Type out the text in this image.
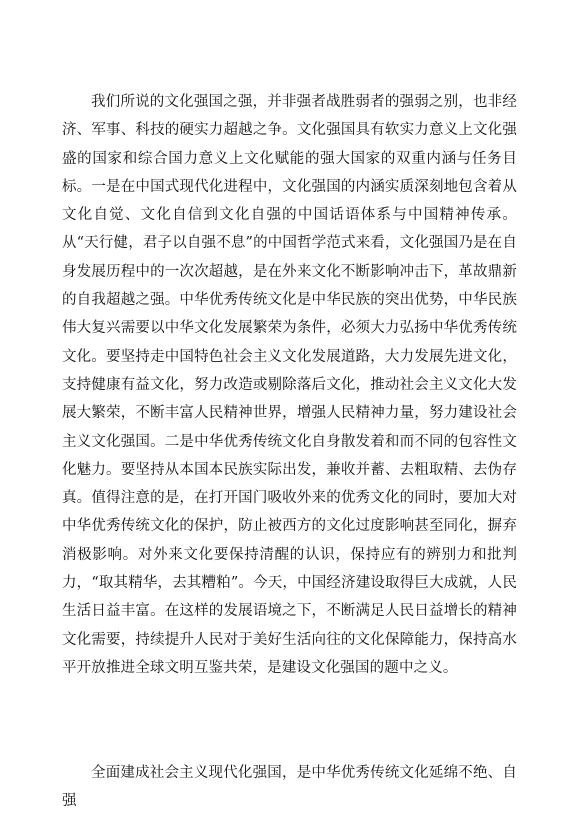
我们所说的文化强国之强，并非强者战胜弱者的强弱之别，也非经济、军事、科技的硬实力超越之争。文化强国具有软实力意义上文化强盛的国家和综合国力意义上文化赋能的强大国家的双重内涵与任务目标。一是在中国式现代化进程中，文化强国的内涵实质深刻地包含着从文化自觉、文化自信到文化自强的中国话语体系与中国精神传承。从“天行健，君子以自强不息”的中国哲学范式来看，文化强国乃是在自身发展历程中的一次次超越，是在外来文化不断影响冲击下，革故鼎新的自我超越之强。中华优秀传统文化是中华民族的突出优势，中华民族伟大复兴需要以中华文化发展繁荣为条件，必须大力弘扬中华优秀传统文化。要坚持走中国特色社会主义文化发展道路，大力发展先进文化，支持健康有益文化，努力改造或剔除落后文化，推动社会主义文化大发展大繁荣，不断丰富人民精神世界，增强人民精神力量，努力建设社会主义文化强国。二是中华优秀传统文化自身散发着和而不同的包容性文化魅力。要坚持从本国本民族实际出发，兼收并蓄、去粗取精、去伪存真。值得注意的是，在打开国门吸收外来的优秀文化的同时，要加大对中华优秀传统文化的保护，防止被西方的文化过度影响甚至同化，摒弃消极影响。对外来文化要保持清醒的认识，保持应有的辨别力和批判力，“取其精华，去其糟粕”。今天，中国经济建设取得巨大成就，人民生活日益丰富。在这样的发展语境之下，不断满足人民日益增长的精神文化需要，持续提升人民对于美好生活向往的文化保障能力，保持高水平开放推进全球文明互鉴共荣，是建设文化强国的题中之义。

全面建成社会主义现代化强国，是中华优秀传统文化延绵不绝、自强
